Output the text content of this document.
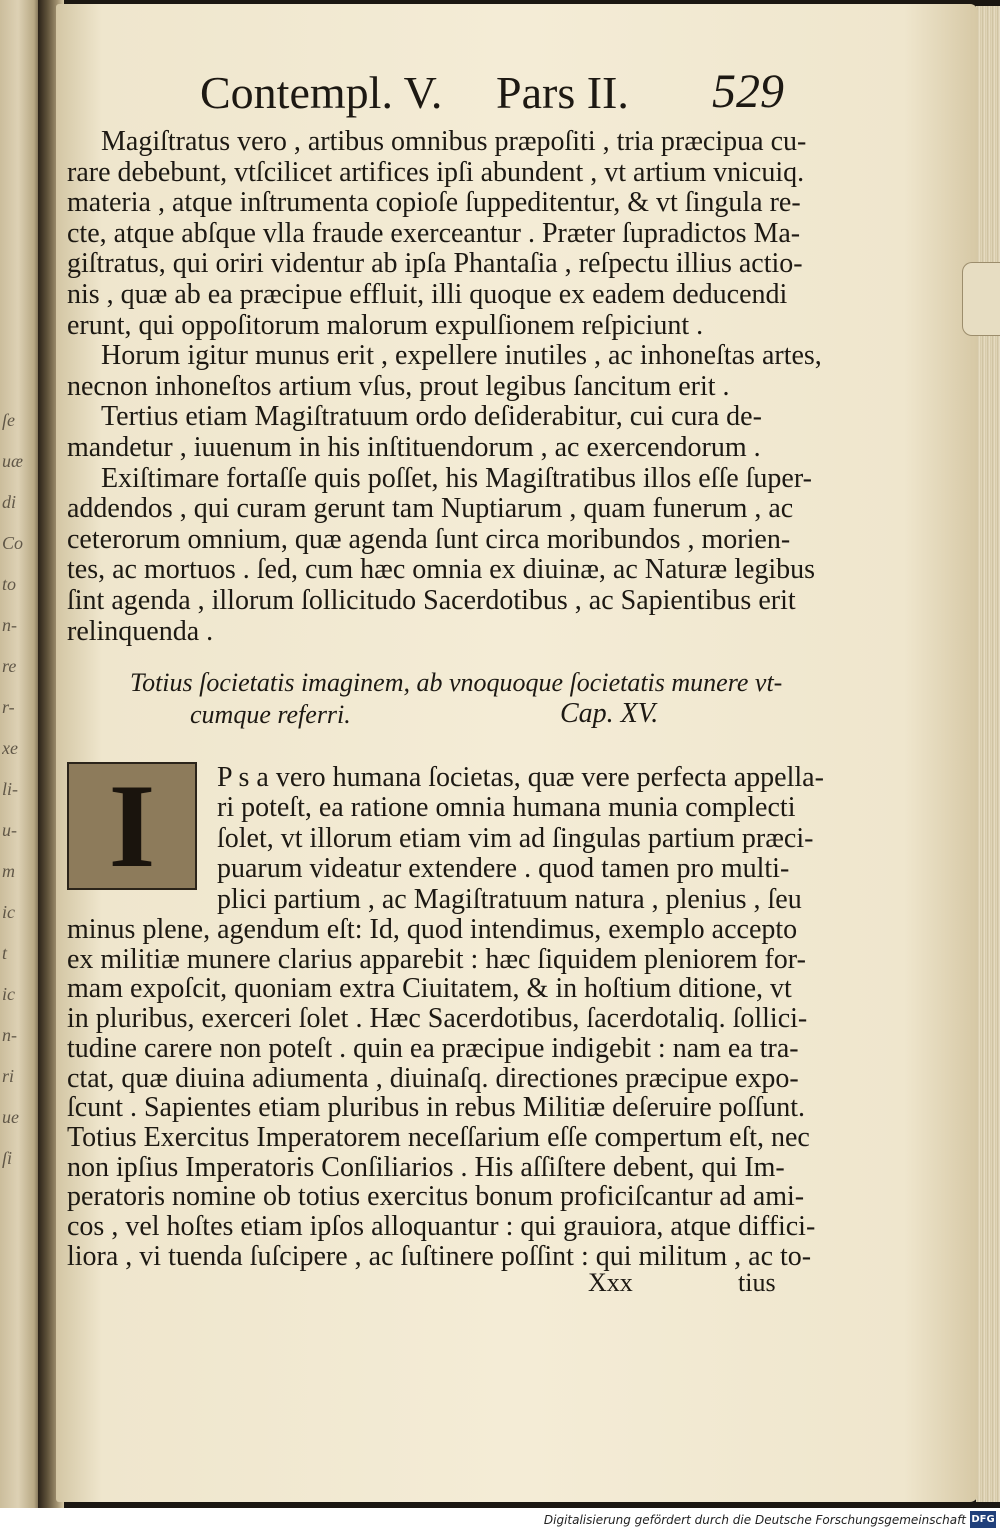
ſe
uæ
di
Co
to
n-
re
r-
xe
li-
u-
m
ic
t
ic
n-
ri
ue
ſi
Contempl. V. Pars II. 529
Magiſtratus vero , artibus omnibus præpoſiti , tria præcipua cu-
rare debebunt, vtſcilicet artifices ipſi abundent , vt artium vnicuiq.
materia , atque inſtrumenta copioſe ſuppeditentur, & vt ſingula re-
cte, atque abſque vlla fraude exerceantur . Præter ſupradictos Ma-
giſtratus, qui oriri videntur ab ipſa Phantaſia , reſpectu illius actio-
nis , quæ ab ea præcipue effluit, illi quoque ex eadem deducendi
erunt, qui oppoſitorum malorum expulſionem reſpiciunt .
Horum igitur munus erit , expellere inutiles , ac inhoneſtas artes,
necnon inhoneſtos artium vſus, prout legibus ſancitum erit .
Tertius etiam Magiſtratuum ordo deſiderabitur, cui cura de-
mandetur , iuuenum in his inſtituendorum , ac exercendorum .
Exiſtimare fortaſſe quis poſſet, his Magiſtratibus illos eſſe ſuper-
addendos , qui curam gerunt tam Nuptiarum , quam funerum , ac
ceterorum omnium, quæ agenda ſunt circa moribundos , morien-
tes, ac mortuos . ſed, cum hæc omnia ex diuinæ, ac Naturæ legibus
ſint agenda , illorum ſollicitudo Sacerdotibus , ac Sapientibus erit
relinquenda .
Totius ſocietatis imaginem, ab vnoquoque ſocietatis munere vt-
cumque referri.	Cap. XV.
I	P s a vero humana ſocietas, quæ vere perfecta appella-
ri poteſt, ea ratione omnia humana munia complecti
ſolet, vt illorum etiam vim ad ſingulas partium præci-
puarum videatur extendere . quod tamen pro multi-
plici partium , ac Magiſtratuum natura , plenius , ſeu
minus plene, agendum eſt: Id, quod intendimus, exemplo accepto
ex militiæ munere clarius apparebit : hæc ſiquidem pleniorem for-
mam expoſcit, quoniam extra Ciuitatem, & in hoſtium ditione, vt
in pluribus, exerceri ſolet . Hæc Sacerdotibus, ſacerdotaliq. ſollici-
tudine carere non poteſt . quin ea præcipue indigebit : nam ea tra-
ctat, quæ diuina adiumenta , diuinaſq. directiones præcipue expo-
ſcunt . Sapientes etiam pluribus in rebus Militiæ deſeruire poſſunt.
Totius Exercitus Imperatorem neceſſarium eſſe compertum eſt, nec
non ipſius Imperatoris Conſiliarios . His aſſiſtere debent, qui Im-
peratoris nomine ob totius exercitus bonum proficiſcantur ad ami-
cos , vel hoſtes etiam ipſos alloquantur : qui grauiora, atque diffici-
liora , vi tuenda ſuſcipere , ac ſuſtinere poſſint : qui militum , ac to-
Xxx	tius
Digitalisierung gefördert durch die Deutsche Forschungsgemeinschaft DFG
